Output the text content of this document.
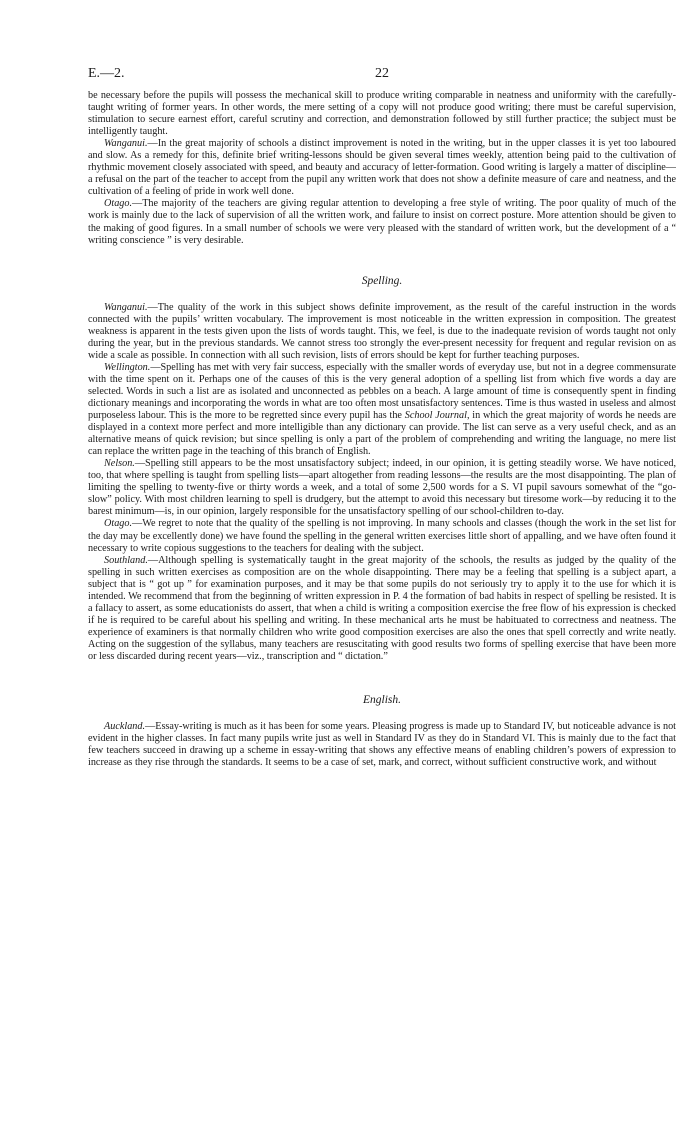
E.—2.	22

be necessary before the pupils will possess the mechanical skill to produce writing comparable in neatness and uniformity with the carefully-taught writing of former years. In other words, the mere setting of a copy will not produce good writing; there must be careful supervision, stimulation to secure earnest effort, careful scrutiny and correction, and demonstration followed by still further practice; the subject must be intelligently taught.

Wanganui.—In the great majority of schools a distinct improvement is noted in the writing, but in the upper classes it is yet too laboured and slow. As a remedy for this, definite brief writing-lessons should be given several times weekly, attention being paid to the cultivation of rhythmic movement closely associated with speed, and beauty and accuracy of letter-formation. Good writing is largely a matter of discipline—a refusal on the part of the teacher to accept from the pupil any written work that does not show a definite measure of care and neatness, and the cultivation of a feeling of pride in work well done.

Otago.—The majority of the teachers are giving regular attention to developing a free style of writing. The poor quality of much of the work is mainly due to the lack of supervision of all the written work, and failure to insist on correct posture. More attention should be given to the making of good figures. In a small number of schools we were very pleased with the standard of written work, but the development of a “ writing conscience ” is very desirable.

Spelling.

Wanganui.—The quality of the work in this subject shows definite improvement, as the result of the careful instruction in the words connected with the pupils’ written vocabulary. The improvement is most noticeable in the written expression in composition. The greatest weakness is apparent in the tests given upon the lists of words taught. This, we feel, is due to the inadequate revision of words taught not only during the year, but in the previous standards. We cannot stress too strongly the ever-present necessity for frequent and regular revision on as wide a scale as possible. In connection with all such revision, lists of errors should be kept for further teaching purposes.

Wellington.—Spelling has met with very fair success, especially with the smaller words of everyday use, but not in a degree commensurate with the time spent on it. Perhaps one of the causes of this is the very general adoption of a spelling list from which five words a day are selected. Words in such a list are as isolated and unconnected as pebbles on a beach. A large amount of time is consequently spent in finding dictionary meanings and incorporating the words in what are too often most unsatisfactory sentences. Time is thus wasted in useless and almost purposeless labour. This is the more to be regretted since every pupil has the School Journal, in which the great majority of words he needs are displayed in a context more perfect and more intelligible than any dictionary can provide. The list can serve as a very useful check, and as an alternative means of quick revision; but since spelling is only a part of the problem of comprehending and writing the language, no mere list can replace the written page in the teaching of this branch of English.

Nelson.—Spelling still appears to be the most unsatisfactory subject; indeed, in our opinion, it is getting steadily worse. We have noticed, too, that where spelling is taught from spelling lists—apart altogether from reading lessons—the results are the most disappointing. The plan of limiting the spelling to twenty-five or thirty words a week, and a total of some 2,500 words for a S. VI pupil savours somewhat of the “go-slow” policy. With most children learning to spell is drudgery, but the attempt to avoid this necessary but tiresome work—by reducing it to the barest minimum—is, in our opinion, largely responsible for the unsatisfactory spelling of our school-children to-day.

Otago.—We regret to note that the quality of the spelling is not improving. In many schools and classes (though the work in the set list for the day may be excellently done) we have found the spelling in the general written exercises little short of appalling, and we have often found it necessary to write copious suggestions to the teachers for dealing with the subject.

Southland.—Although spelling is systematically taught in the great majority of the schools, the results as judged by the quality of the spelling in such written exercises as composition are on the whole disappointing. There may be a feeling that spelling is a subject apart, a subject that is “ got up ” for examination purposes, and it may be that some pupils do not seriously try to apply it to the use for which it is intended. We recommend that from the beginning of written expression in P. 4 the formation of bad habits in respect of spelling be resisted. It is a fallacy to assert, as some educationists do assert, that when a child is writing a composition exercise the free flow of his expression is checked if he is required to be careful about his spelling and writing. In these mechanical arts he must be habituated to correctness and neatness. The experience of examiners is that normally children who write good composition exercises are also the ones that spell correctly and write neatly. Acting on the suggestion of the syllabus, many teachers are resuscitating with good results two forms of spelling exercise that have been more or less discarded during recent years—viz., transcription and “ dictation.”

English.

Auckland.—Essay-writing is much as it has been for some years. Pleasing progress is made up to Standard IV, but noticeable advance is not evident in the higher classes. In fact many pupils write just as well in Standard IV as they do in Standard VI. This is mainly due to the fact that few teachers succeed in drawing up a scheme in essay-writing that shows any effective means of enabling children’s powers of expression to increase as they rise through the standards. It seems to be a case of set, mark, and correct, without sufficient constructive work, and without
